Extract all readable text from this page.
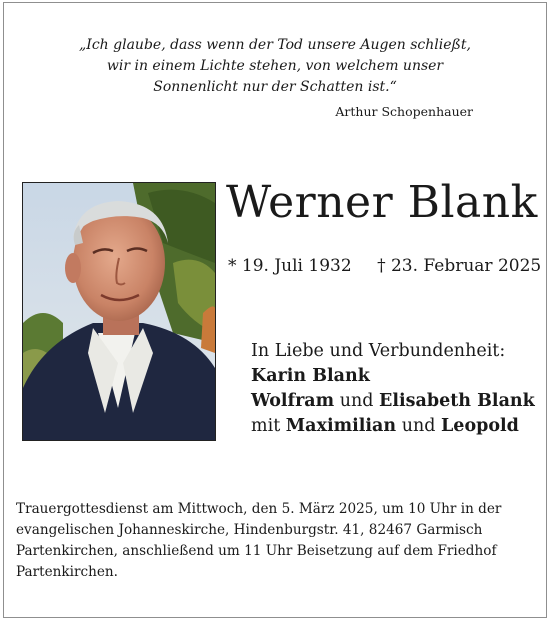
„Ich glaube, dass wenn der Tod unsere Augen schließt,
wir in einem Lichte stehen, von welchem unser
Sonnenlicht nur der Schatten ist.“
Arthur Schopenhauer
Werner Blank
* 19. Juli 1932 † 23. Februar 2025
In Liebe und Verbundenheit:
Karin Blank
Wolfram und Elisabeth Blank
mit Maximilian und Leopold
Trauergottesdienst am Mittwoch, den 5. März 2025, um 10 Uhr in der
evangelischen Johanneskirche, Hindenburgstr. 41, 82467 Garmisch
Partenkirchen, anschließend um 11 Uhr Beisetzung auf dem Friedhof
Partenkirchen.
